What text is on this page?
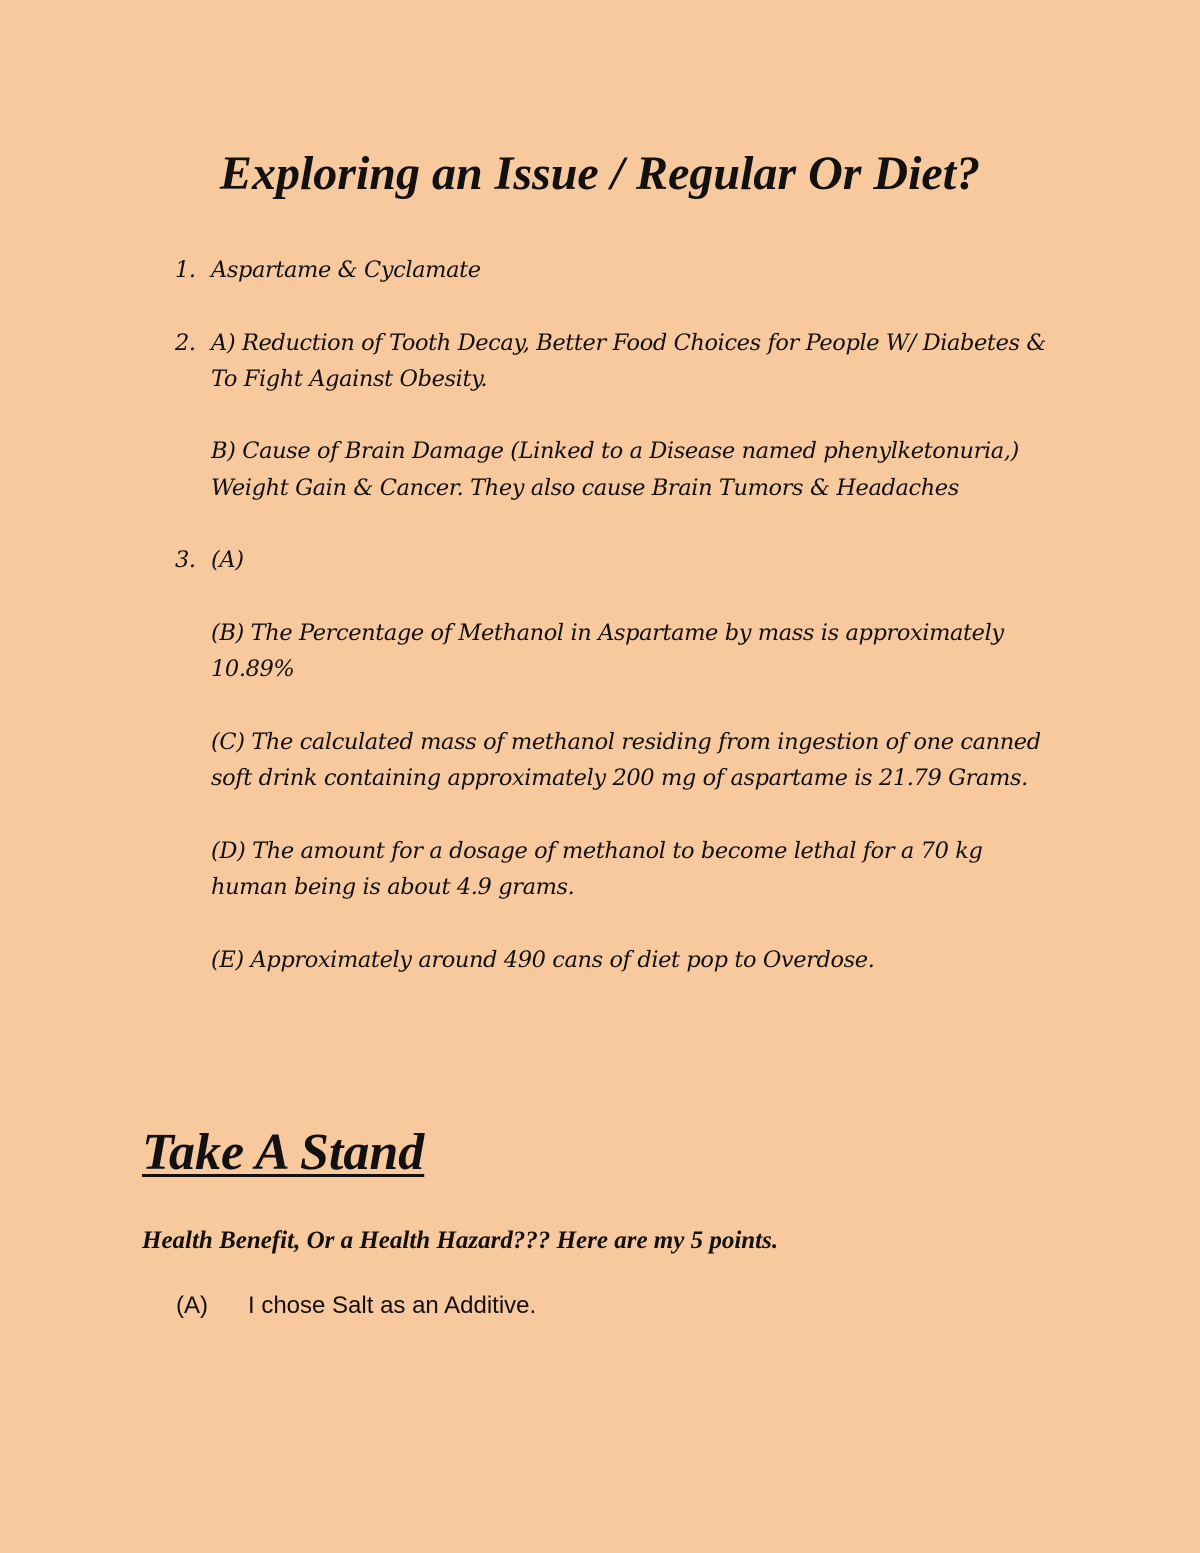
Exploring an Issue / Regular Or Diet?
1. Aspartame & Cyclamate

2. A) Reduction of Tooth Decay, Better Food Choices for People W/ Diabetes & To Fight Against Obesity.

B) Cause of Brain Damage (Linked to a Disease named phenylketonuria,) Weight Gain & Cancer. They also cause Brain Tumors & Headaches

3. (A)

(B) The Percentage of Methanol in Aspartame by mass is approximately 10.89%

(C) The calculated mass of methanol residing from ingestion of one canned soft drink containing approximately 200 mg of aspartame is 21.79 Grams.

(D) The amount for a dosage of methanol to become lethal for a 70 kg human being is about 4.9 grams.

(E) Approximately around 490 cans of diet pop to Overdose.

Take A Stand

Health Benefit, Or a Health Hazard??? Here are my 5 points.

(A) I chose Salt as an Additive.
